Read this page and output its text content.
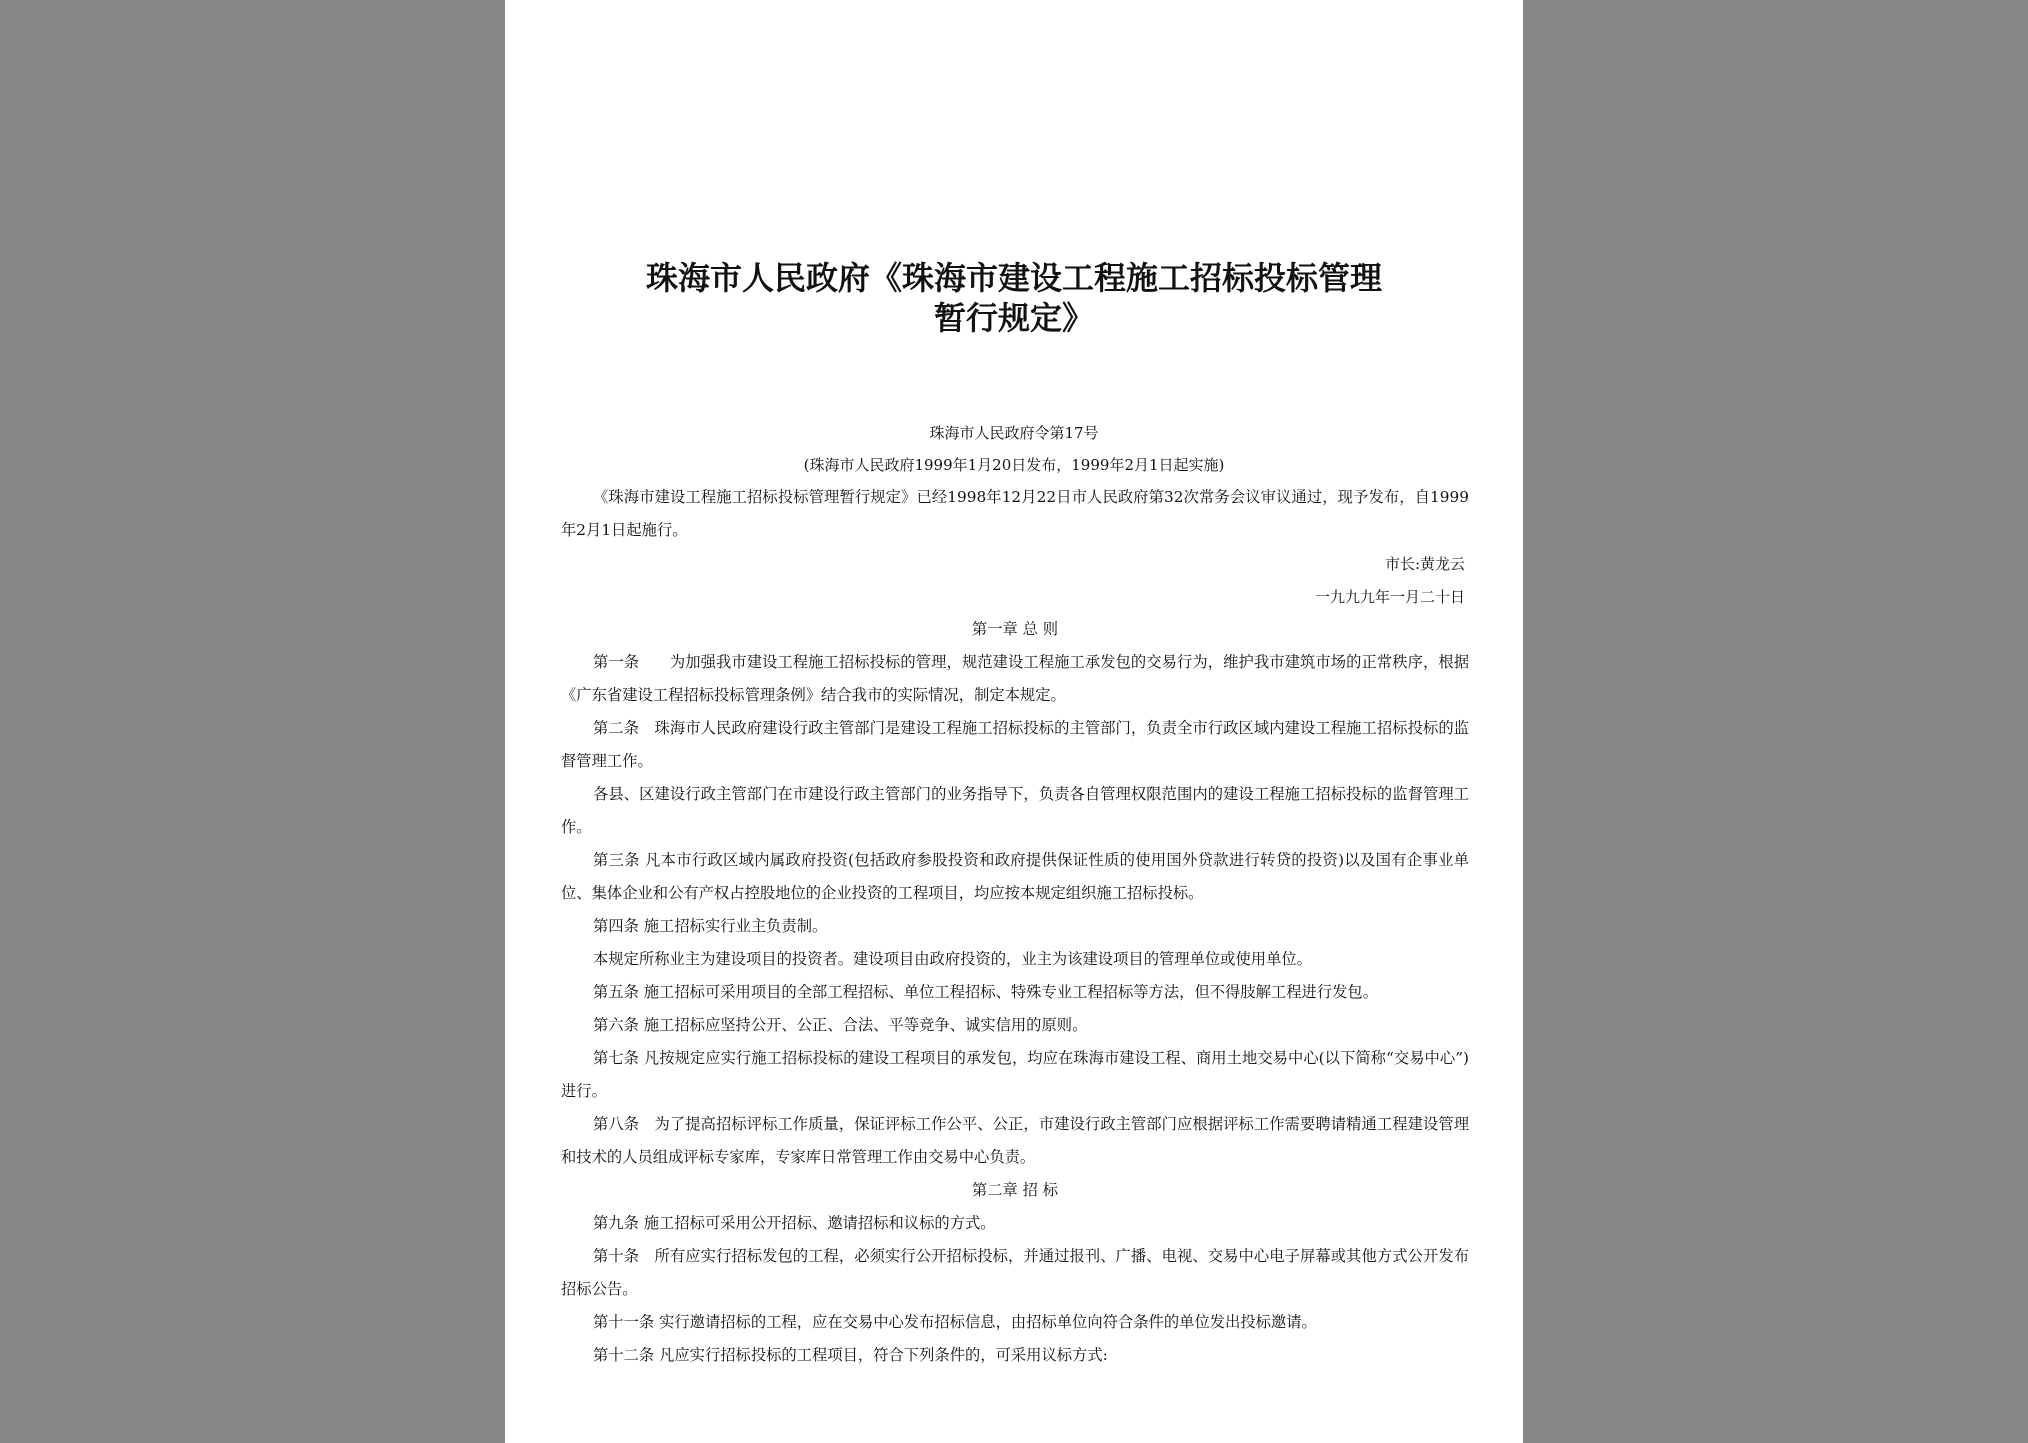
珠海市人民政府《珠海市建设工程施工招标投标管理
暂行规定》
珠海市人民政府令第17号
(珠海市人民政府1999年1月20日发布，1999年2月1日起实施)

《珠海市建设工程施工招标投标管理暂行规定》已经1998年12月22日市人民政府第32次常务会议审议通过，现予发布，自1999年2月1日起施行。

市长:黄龙云
一九九九年一月二十日

第一章 总 则

第一条　　为加强我市建设工程施工招标投标的管理，规范建设工程施工承发包的交易行为，维护我市建筑市场的正常秩序，根据《广东省建设工程招标投标管理条例》结合我市的实际情况，制定本规定。

第二条　珠海市人民政府建设行政主管部门是建设工程施工招标投标的主管部门，负责全市行政区域内建设工程施工招标投标的监督管理工作。

各县、区建设行政主管部门在市建设行政主管部门的业务指导下，负责各自管理权限范围内的建设工程施工招标投标的监督管理工作。

第三条 凡本市行政区域内属政府投资(包括政府参股投资和政府提供保证性质的使用国外贷款进行转贷的投资)以及国有企事业单位、集体企业和公有产权占控股地位的企业投资的工程项目，均应按本规定组织施工招标投标。

第四条 施工招标实行业主负责制。

本规定所称业主为建设项目的投资者。建设项目由政府投资的，业主为该建设项目的管理单位或使用单位。

第五条 施工招标可采用项目的全部工程招标、单位工程招标、特殊专业工程招标等方法，但不得肢解工程进行发包。

第六条 施工招标应坚持公开、公正、合法、平等竞争、诚实信用的原则。

第七条 凡按规定应实行施工招标投标的建设工程项目的承发包，均应在珠海市建设工程、商用土地交易中心(以下简称“交易中心”)进行。

第八条　为了提高招标评标工作质量，保证评标工作公平、公正，市建设行政主管部门应根据评标工作需要聘请精通工程建设管理和技术的人员组成评标专家库，专家库日常管理工作由交易中心负责。

第二章 招 标

第九条 施工招标可采用公开招标、邀请招标和议标的方式。

第十条　所有应实行招标发包的工程，必须实行公开招标投标，并通过报刊、广播、电视、交易中心电子屏幕或其他方式公开发布招标公告。

第十一条 实行邀请招标的工程，应在交易中心发布招标信息，由招标单位向符合条件的单位发出投标邀请。

第十二条 凡应实行招标投标的工程项目，符合下列条件的，可采用议标方式:
